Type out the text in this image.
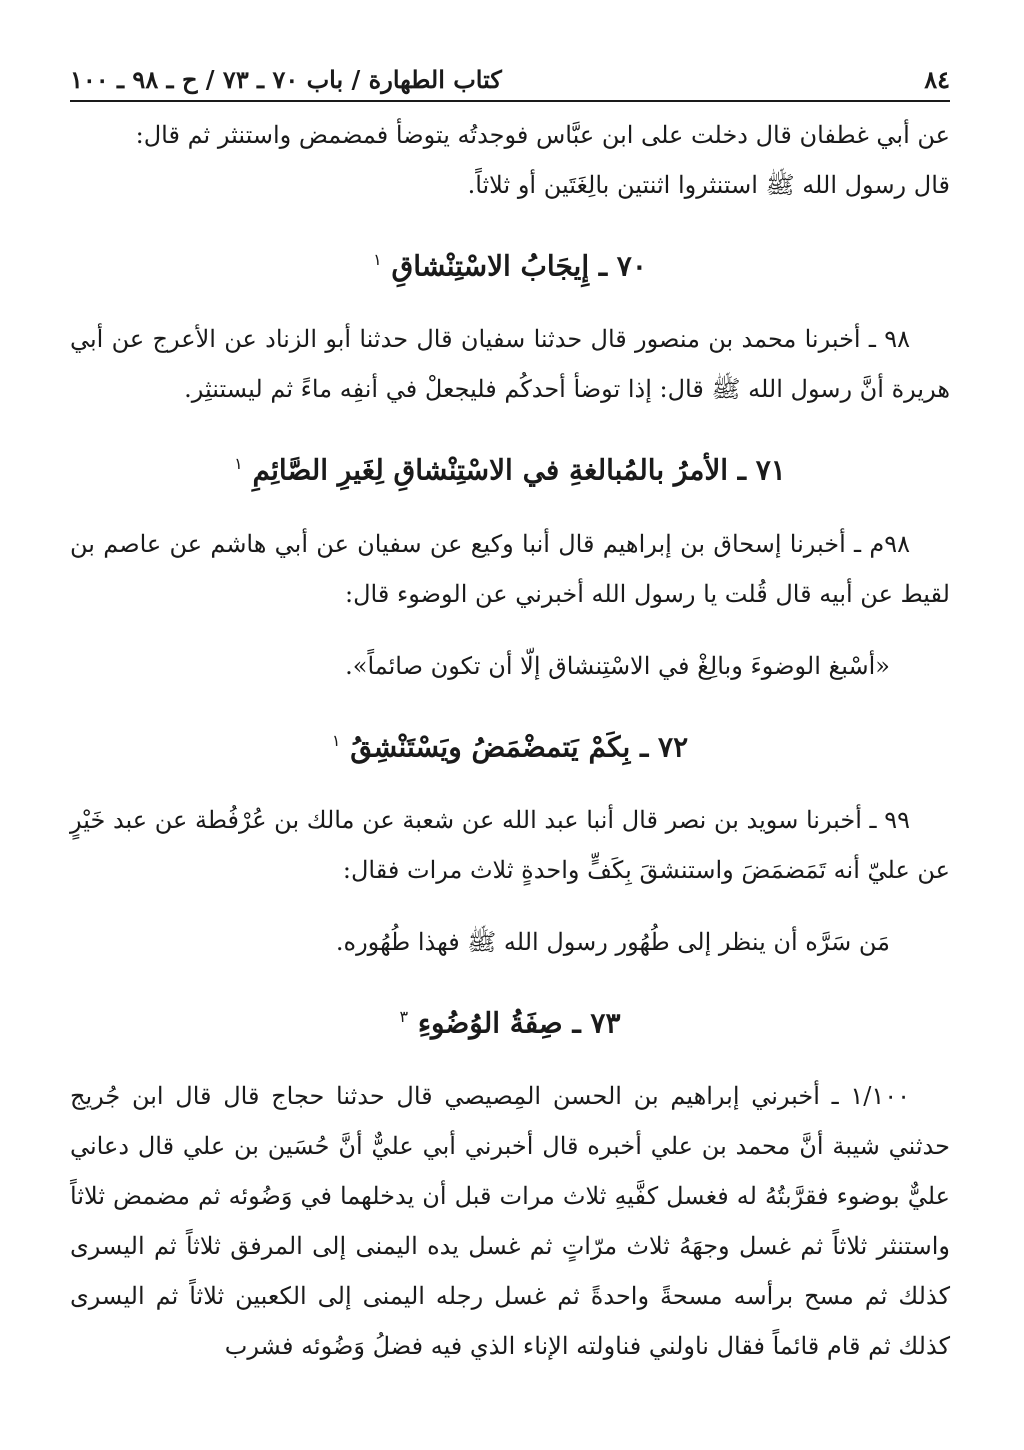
٨٤
كتاب الطهارة / باب ٧٠ ـ ٧٣ / ح ـ ٩٨ ـ ١٠٠

عن أبي غطفان قال دخلت على ابن عبَّاس فوجدتُه يتوضأ فمضمض واستنثر ثم قال:

قال رسول الله ﷺ استنثروا اثنتين بالِغَتَين أو ثلاثاً.

٧٠ ـ إِيجَابُ الاسْتِنْشاقِ $^١$

٩٨ ـ أخبرنا محمد بن منصور قال حدثنا سفيان قال حدثنا أبو الزناد عن الأعرج عن أبي هريرة أنَّ رسول الله ﷺ قال: إذا توضأ أحدكُم فليجعلْ في أنفِه ماءً ثم ليستنثِر.

٧١ ـ الأمرُ بالمُبالغةِ في الاسْتِنْشاقِ لِغَيرِ الصَّائِمِ $^١$

٩٨م ـ أخبرنا إسحاق بن إبراهيم قال أنبا وكيع عن سفيان عن أبي هاشم عن عاصم بن لقيط عن أبيه قال قُلت يا رسول الله أخبرني عن الوضوء قال:

«أسْبغ الوضوءَ وبالِغْ في الاسْتِنشاق إلّا أن تكون صائماً».

٧٢ ـ بِكَمْ يَتمضْمَضُ ويَسْتَنْشِقُ $^١$

٩٩ ـ أخبرنا سويد بن نصر قال أنبا عبد الله عن شعبة عن مالك بن عُرْفُطة عن عبد خَيْرٍ عن عليّ أنه تَمَضمَضَ واستنشقَ بِكَفٍّ واحدةٍ ثلاث مرات فقال:

مَن سَرَّه أن ينظر إلى طُهُور رسول الله ﷺ فهذا طُهُوره.

٧٣ ـ صِفَةُ الوُضُوءِ $^٣$

١/١٠٠ ـ أخبرني إبراهيم بن الحسن المِصيصي قال حدثنا حجاج قال قال ابن جُريج حدثني شيبة أنَّ محمد بن علي أخبره قال أخبرني أبي عليٌّ أنَّ حُسَين بن علي قال دعاني عليٌّ بوضوء فقرَّبتُهُ له فغسل كفَّيهِ ثلاث مرات قبل أن يدخلهما في وَضُوئه ثم مضمض ثلاثاً واستنثر ثلاثاً ثم غسل وجهَهُ ثلاث مرّاتٍ ثم غسل يده اليمنى إلى المرفق ثلاثاً ثم اليسرى كذلك ثم مسح برأسه مسحةً واحدةً ثم غسل رجله اليمنى إلى الكعبين ثلاثاً ثم اليسرى كذلك ثم قام قائماً فقال ناولني فناولته الإناء الذي فيه فضلُ وَضُوئه فشرب
